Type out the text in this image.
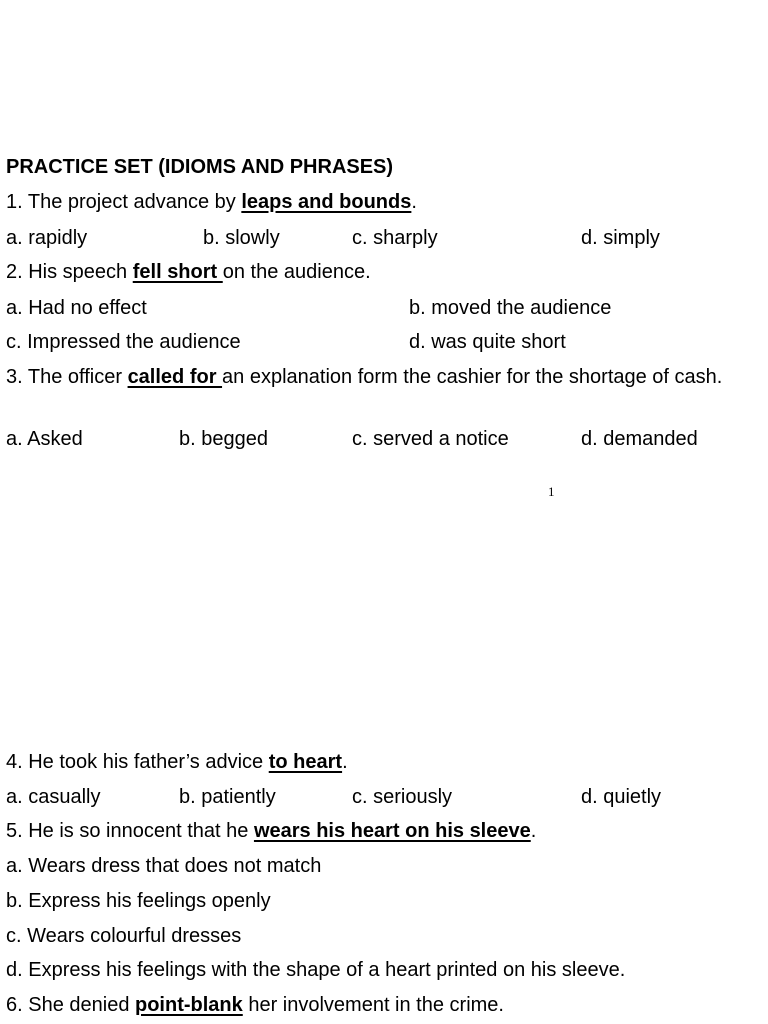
PRACTICE SET (IDIOMS AND PHRASES)
1. The project advance by leaps and bounds.
a. rapidly	b. slowly	c. sharply	d. simply
2. His speech fell short on the audience.
a. Had no effect	b. moved the audience
c. Impressed the audience	d. was quite short
3. The officer called for an explanation form the cashier for the shortage of cash.
a. Asked	b. begged	c. served a notice	d. demanded
1
4. He took his father’s advice to heart.
a. casually	b. patiently	c. seriously	d. quietly
5. He is so innocent that he wears his heart on his sleeve.
a. Wears dress that does not match
b. Express his feelings openly
c. Wears colourful dresses
d. Express his feelings with the shape of a heart printed on his sleeve.
6. She denied point-blank her involvement in the crime.
